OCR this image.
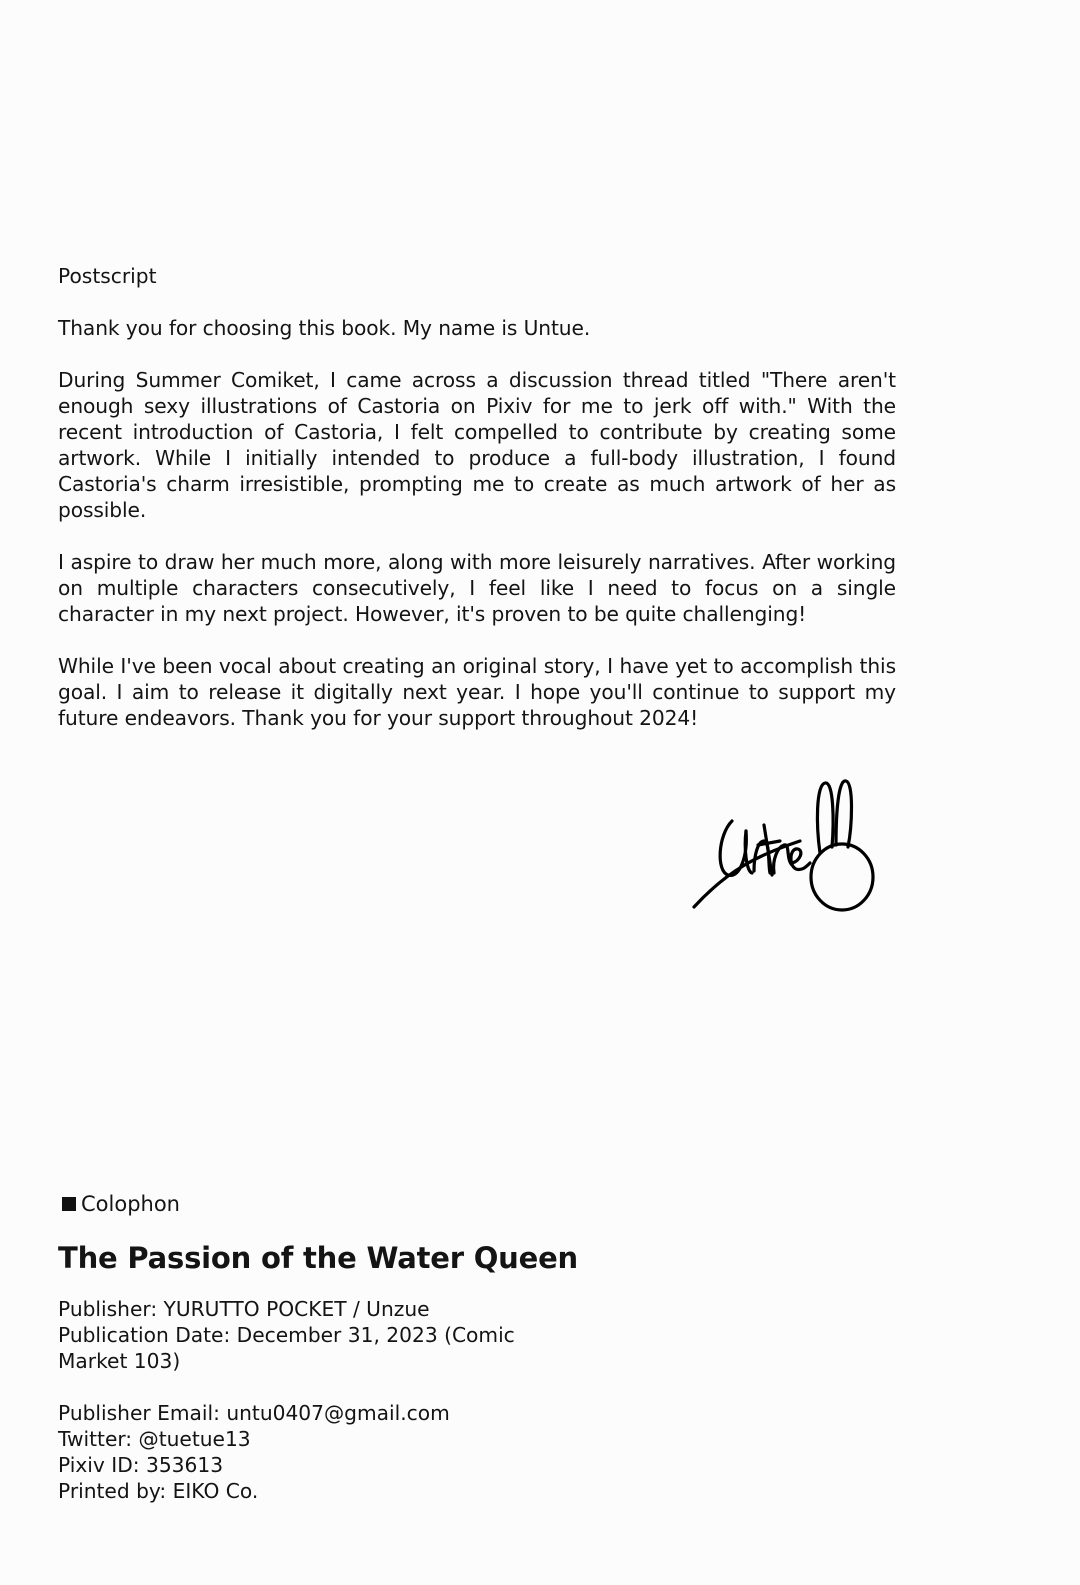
Postscript

Thank you for choosing this book. My name is Untue.

During Summer Comiket, I came across a discussion thread titled "There aren't enough sexy illustrations of Castoria on Pixiv for me to jerk off with." With the recent introduction of Castoria, I felt compelled to contribute by creating some artwork. While I initially intended to produce a full-body illustration, I found Castoria's charm irresistible, prompting me to create as much artwork of her as possible.

I aspire to draw her much more, along with more leisurely narratives. After working on multiple characters consecutively, I feel like I need to focus on a single character in my next project. However, it's proven to be quite challenging!

While I've been vocal about creating an original story, I have yet to accomplish this goal. I aim to release it digitally next year. I hope you'll continue to support my future endeavors. Thank you for your support throughout 2024!

Colophon
The Passion of the Water Queen
Publisher: YURUTTO POCKET / Unzue
Publication Date: December 31, 2023 (Comic Market 103)
Publisher Email: untu0407@gmail.com
Twitter: @tuetue13
Pixiv ID: 353613
Printed by: EIKO Co.
